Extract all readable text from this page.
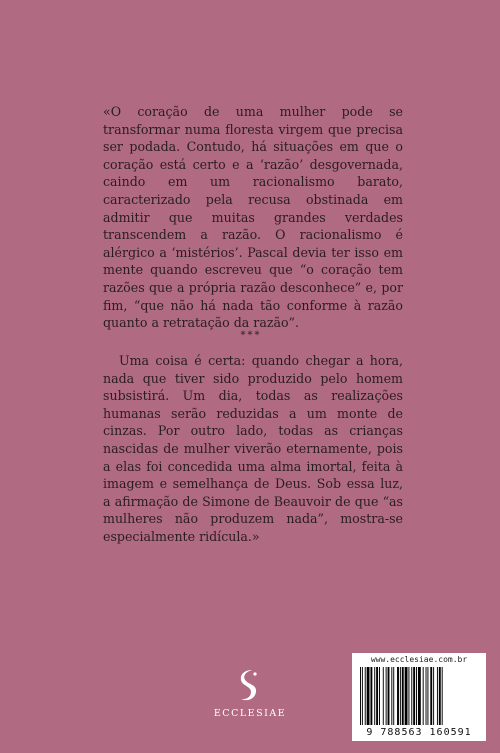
«O coração de uma mulher pode se transformar numa floresta virgem que precisa ser podada. Contudo, há situações em que o coração está certo e a ‘razão’ desgovernada, caindo em um racionalismo barato, caracterizado pela recusa obstinada em admitir que muitas grandes verdades transcendem a razão. O racionalismo é alérgico a ‘mistérios’. Pascal devia ter isso em mente quando escreveu que “o coração tem razões que a própria razão desconhece” e, por fim, “que não há nada tão conforme à razão quanto a retratação da razão”.
***
Uma coisa é certa: quando chegar a hora, nada que tiver sido produzido pelo homem subsistirá. Um dia, todas as realizações humanas serão reduzidas a um monte de cinzas. Por outro lado, todas as crianças nascidas de mulher viverão eternamente, pois a elas foi concedida uma alma imortal, feita à imagem e semelhança de Deus. Sob essa luz, a afirmação de Simone de Beauvoir de que “as mulheres não produzem nada”, mostra-se especialmente ridícula.»
ECCLESIAE
www.ecclesiae.com.br
9 788563 160591
